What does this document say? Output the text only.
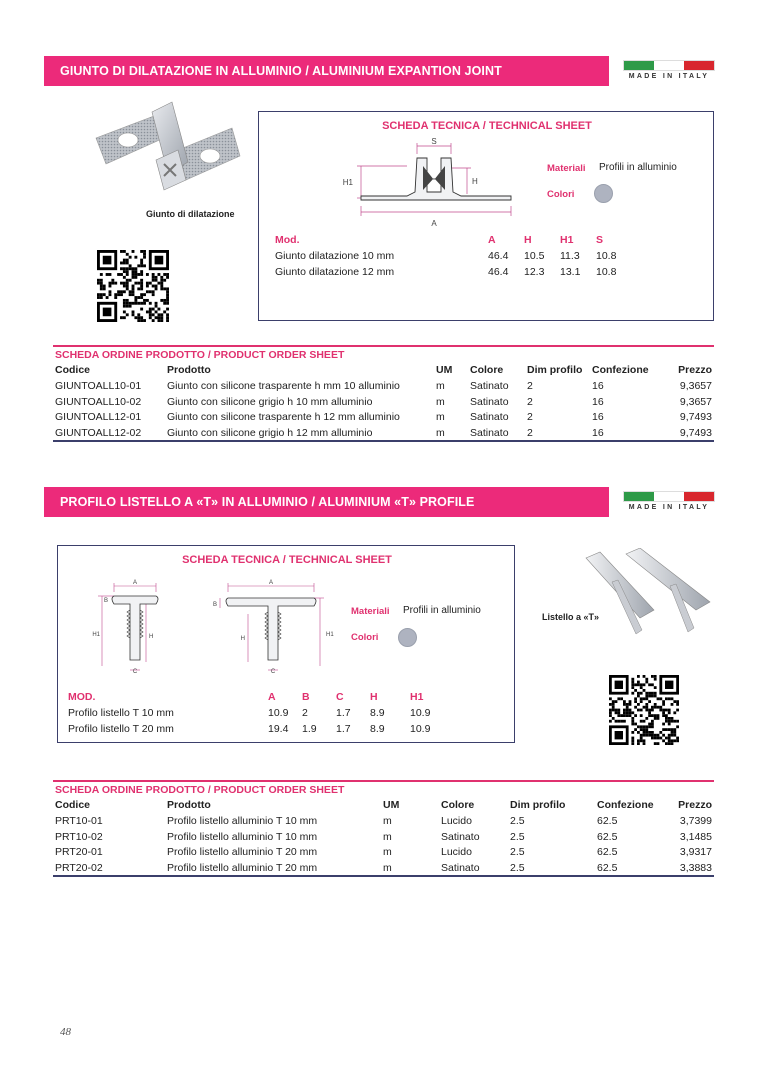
GIUNTO DI DILATAZIONE IN ALLUMINIO / ALUMINIUM EXPANTION JOINT	MADE IN ITALY
Giunto di dilatazione
SCHEDA TECNICA / TECHNICAL SHEET
S
H1	H
A
Materiali Profili in alluminio
Colori
Mod.	A	H	H1 S
Giunto dilatazione 10 mm	46.4 10.5 11.3 10.8
Giunto dilatazione 12 mm	46.4 12.3 13.1 10.8
SCHEDA ORDINE PRODOTTO / PRODUCT ORDER SHEET
Codice	Prodotto	UM Colore Dim profilo Confezione	Prezzo
GIUNTOALL10-01 Giunto con silicone trasparente h mm 10 alluminio	m Satinato 2	16	9,3657
GIUNTOALL10-02 Giunto con silicone grigio h 10 mm alluminio	m Satinato 2	16	9,3657
GIUNTOALL12-01 Giunto con silicone trasparente h 12 mm alluminio	m Satinato 2	16	9,7493
GIUNTOALL12-02 Giunto con silicone grigio h 12 mm alluminio	m Satinato 2	16	9,7493
PROFILO LISTELLO A «T» IN ALLUMINIO / ALUMINIUM «T» PROFILE	MADE IN ITALY
SCHEDA TECNICA / TECHNICAL SHEET
A
B
H1	H
C
A
B
H1
H
C
Materiali Profili in alluminio
Colori
MOD.	A	B	C	H	H1
Profilo listello T 10 mm	10.9 2	1.7 8.9 10.9
Profilo listello T 20 mm	19.4 1.9 1.7 8.9 10.9
Listello a «T»
SCHEDA ORDINE PRODOTTO / PRODUCT ORDER SHEET
Codice	Prodotto	UM	Colore	Dim profilo	Confezione Prezzo
PRT10-01	Profilo listello alluminio T 10 mm	m	Lucido	2.5	62.5	3,7399
PRT10-02	Profilo listello alluminio T 10 mm	m	Satinato	2.5	62.5	3,1485
PRT20-01	Profilo listello alluminio T 20 mm	m	Lucido	2.5	62.5	3,9317
PRT20-02	Profilo listello alluminio T 20 mm	m	Satinato	2.5	62.5	3,3883
48
